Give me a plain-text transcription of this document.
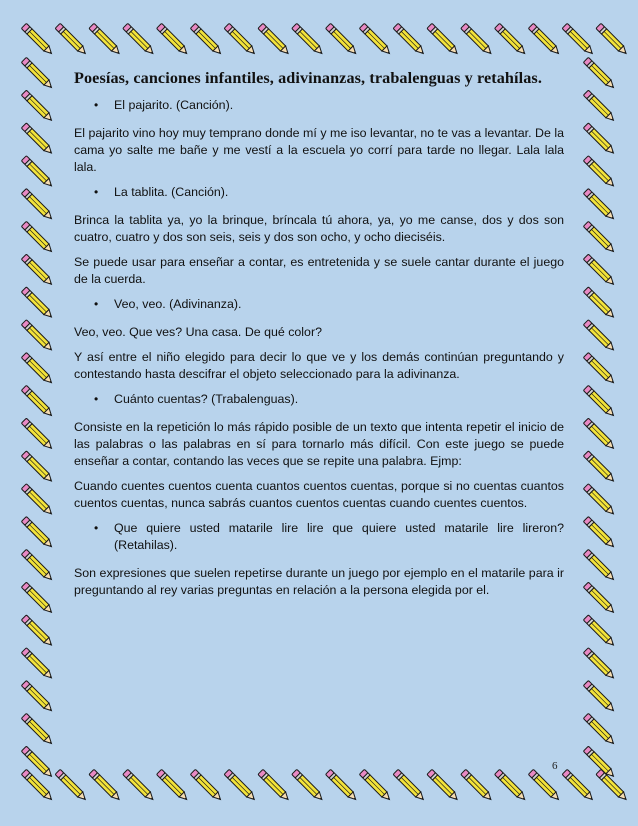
Poesías, canciones infantiles, adivinanzas, trabalenguas y retahílas.
•	El pajarito. (Canción).

El pajarito vino hoy muy temprano donde mí y me iso levantar, no te vas a levantar. De la cama yo salte me bañe y me vestí a la escuela yo corrí para tarde no llegar. Lala lala lala.

•	La tablita. (Canción).

Brinca la tablita ya, yo la brinque, bríncala tú ahora, ya, yo me canse, dos y dos son cuatro, cuatro y dos son seis, seis y dos son ocho, y ocho dieciséis.

Se puede usar para enseñar a contar, es entretenida y se suele cantar durante el juego de la cuerda.

•	Veo, veo. (Adivinanza).

Veo, veo. Que ves? Una casa. De qué color?

Y así entre el niño elegido para decir lo que ve y los demás continúan preguntando y contestando hasta descifrar el objeto seleccionado para la adivinanza.

•	Cuánto cuentas? (Trabalenguas).

Consiste en la repetición lo más rápido posible de un texto que intenta repetir el inicio de las palabras o las palabras en sí para tornarlo más difícil. Con este juego se puede enseñar a contar, contando las veces que se repite una palabra. Ejmp:

Cuando cuentes cuentos cuenta cuantos cuentos cuentas, porque si no cuentas cuantos cuentos cuentas, nunca sabrás cuantos cuentos cuentas cuando cuentes cuentos.

•	Que quiere usted matarile lire lire que quiere usted matarile lire lireron? (Retahilas).

Son expresiones que suelen repetirse durante un juego por ejemplo en el matarile para ir preguntando al rey varias preguntas en relación a la persona elegida por el.

6
